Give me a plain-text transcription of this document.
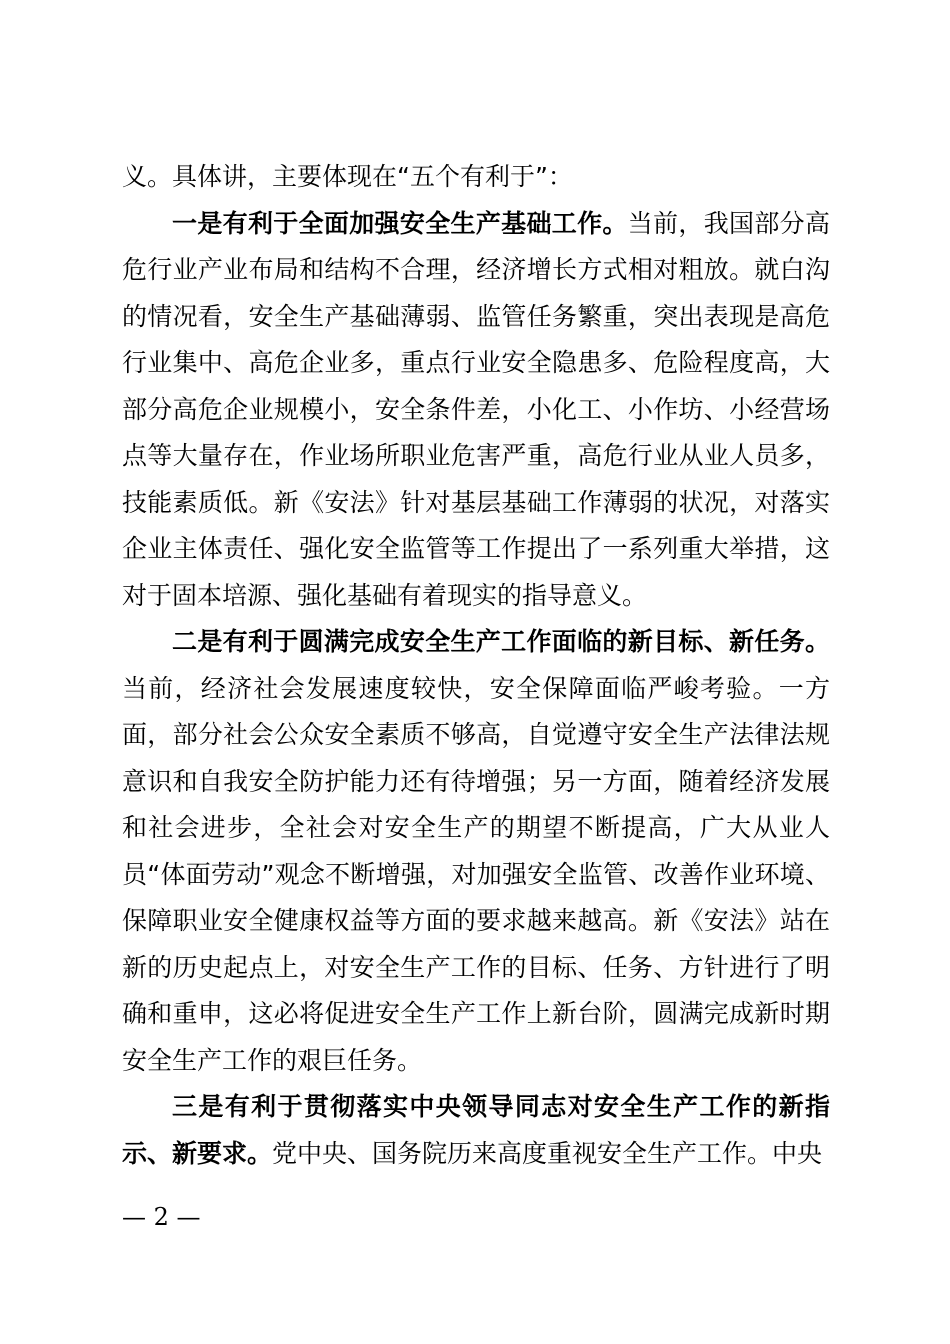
义。具体讲，主要体现在“五个有利于”：

一是有利于全面加强安全生产基础工作。当前，我国部分高危行业产业布局和结构不合理，经济增长方式相对粗放。就白沟的情况看，安全生产基础薄弱、监管任务繁重，突出表现是高危行业集中、高危企业多，重点行业安全隐患多、危险程度高，大部分高危企业规模小，安全条件差，小化工、小作坊、小经营场点等大量存在，作业场所职业危害严重，高危行业从业人员多，技能素质低。新《安法》针对基层基础工作薄弱的状况，对落实企业主体责任、强化安全监管等工作提出了一系列重大举措，这对于固本培源、强化基础有着现实的指导意义。

二是有利于圆满完成安全生产工作面临的新目标、新任务。当前，经济社会发展速度较快，安全保障面临严峻考验。一方面，部分社会公众安全素质不够高，自觉遵守安全生产法律法规意识和自我安全防护能力还有待增强；另一方面，随着经济发展和社会进步，全社会对安全生产的期望不断提高，广大从业人员“体面劳动”观念不断增强，对加强安全监管、改善作业环境、保障职业安全健康权益等方面的要求越来越高。新《安法》站在新的历史起点上，对安全生产工作的目标、任务、方针进行了明确和重申，这必将促进安全生产工作上新台阶，圆满完成新时期安全生产工作的艰巨任务。

三是有利于贯彻落实中央领导同志对安全生产工作的新指示、新要求。党中央、国务院历来高度重视安全生产工作。中央

— 2 —
